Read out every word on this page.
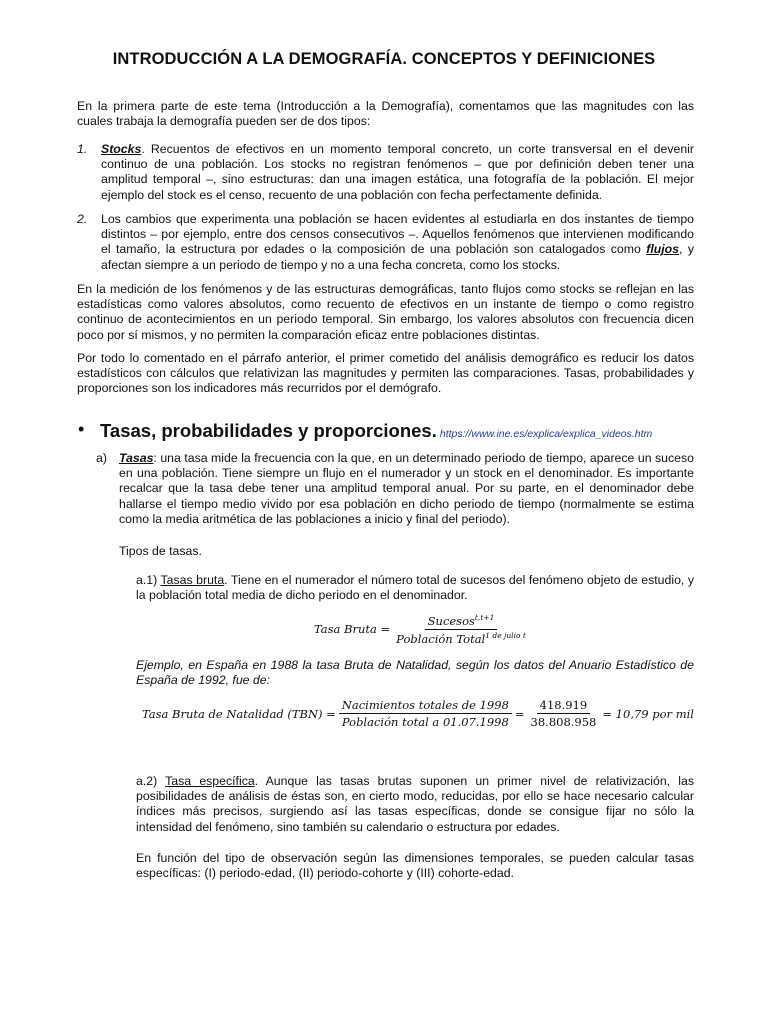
INTRODUCCIÓN A LA DEMOGRAFÍA. CONCEPTOS Y DEFINICIONES

En la primera parte de este tema (Introducción a la Demografía), comentamos que las magnitudes con las cuales trabaja la demografía pueden ser de dos tipos:

1. Stocks. Recuentos de efectivos en un momento temporal concreto, un corte transversal en el devenir continuo de una población. Los stocks no registran fenómenos – que por definición deben tener una amplitud temporal –, sino estructuras: dan una imagen estática, una fotografía de la población. El mejor ejemplo del stock es el censo, recuento de una población con fecha perfectamente definida.

2. Los cambios que experimenta una población se hacen evidentes al estudiarla en dos instantes de tiempo distintos – por ejemplo, entre dos censos consecutivos –. Aquellos fenómenos que intervienen modificando el tamaño, la estructura por edades o la composición de una población son catalogados como flujos, y afectan siempre a un periodo de tiempo y no a una fecha concreta, como los stocks.

En la medición de los fenómenos y de las estructuras demográficas, tanto flujos como stocks se reflejan en las estadísticas como valores absolutos, como recuento de efectivos en un instante de tiempo o como registro continuo de acontecimientos en un periodo temporal. Sin embargo, los valores absolutos con frecuencia dicen poco por sí mismos, y no permiten la comparación eficaz entre poblaciones distintas.

Por todo lo comentado en el párrafo anterior, el primer cometido del análisis demográfico es reducir los datos estadísticos con cálculos que relativizan las magnitudes y permiten las comparaciones. Tasas, probabilidades y proporciones son los indicadores más recurridos por el demógrafo.

• Tasas, probabilidades y proporciones. https://www.ine.es/explica/explica_videos.htm
a) Tasas: una tasa mide la frecuencia con la que, en un determinado periodo de tiempo, aparece un suceso en una población. Tiene siempre un flujo en el numerador y un stock en el denominador. Es importante recalcar que la tasa debe tener una amplitud temporal anual. Por su parte, en el denominador debe hallarse el tiempo medio vivido por esa población en dicho periodo de tiempo (normalmente se estima como la media aritmética de las poblaciones a inicio y final del periodo).

Tipos de tasas.

a.1) Tasas bruta. Tiene en el numerador el número total de sucesos del fenómeno objeto de estudio, y la población total media de dicho periodo en el denominador.

Tasa Bruta = $\frac{Sucesos^{t,t+1}}{Población Total^{1 de julio t}}$

Ejemplo, en España en 1988 la tasa Bruta de Natalidad, según los datos del Anuario Estadístico de España de 1992, fue de:

Tasa Bruta de Natalidad $(TBN) = \frac{\text{Nacimientos totales de 1998}}{\text{Población total a 01.07.1998}} = \frac{418.919}{38.808.958} = 10,79$ por mil

a.2) Tasa específica. Aunque las tasas brutas suponen un primer nivel de relativización, las posibilidades de análisis de éstas son, en cierto modo, reducidas, por ello se hace necesario calcular índices más precisos, surgiendo así las tasas específicas, donde se consigue fijar no sólo la intensidad del fenómeno, sino también su calendario o estructura por edades.

En función del tipo de observación según las dimensiones temporales, se pueden calcular tasas específicas: (I) periodo-edad, (II) periodo-cohorte y (III) cohorte-edad.
